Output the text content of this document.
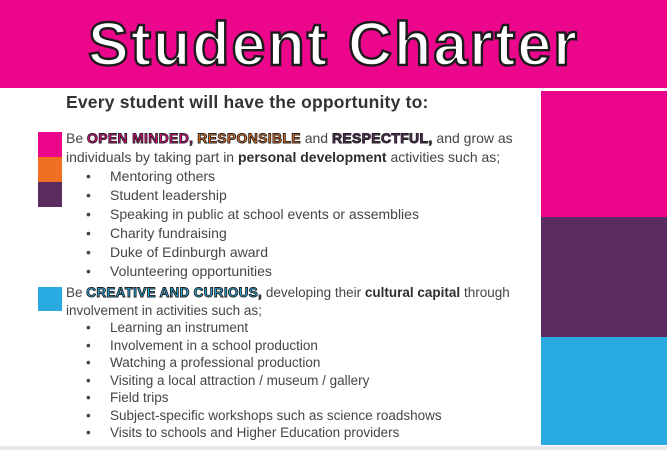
Student Charter

Every student will have the opportunity to:

Be OPEN MINDED, RESPONSIBLE and RESPECTFUL, and grow as individuals by taking part in personal development activities such as;

• Mentoring others
• Student leadership
• Speaking in public at school events or assemblies
• Charity fundraising
• Duke of Edinburgh award
• Volunteering opportunities

Be CREATIVE AND CURIOUS, developing their cultural capital through involvement in activities such as;

• Learning an instrument
• Involvement in a school production
• Watching a professional production
• Visiting a local attraction / museum / gallery
• Field trips
• Subject-specific workshops such as science roadshows
• Visits to schools and Higher Education providers
